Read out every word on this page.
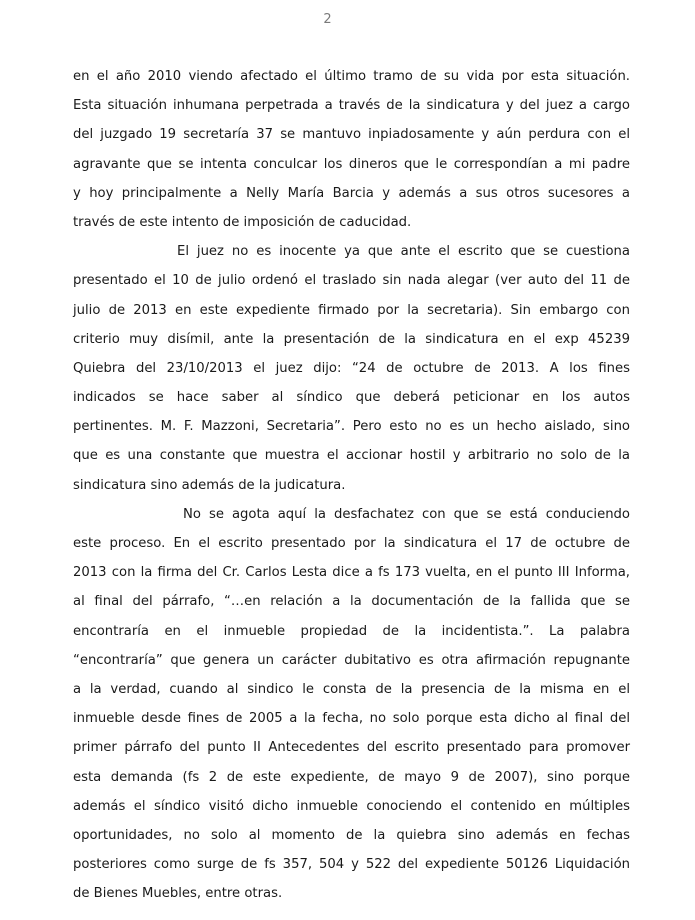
2
en el año 2010 viendo afectado el último tramo de su vida por esta situación.
Esta situación inhumana perpetrada a través de la sindicatura y del juez a cargo
del juzgado 19 secretaría 37 se mantuvo inpiadosamente y aún perdura con el
agravante que se intenta conculcar los dineros que le correspondían a mi padre
y hoy principalmente a Nelly María Barcia y además a sus otros sucesores a
través de este intento de imposición de caducidad.
El juez no es inocente ya que ante el escrito que se cuestiona
presentado el 10 de julio ordenó el traslado sin nada alegar (ver auto del 11 de
julio de 2013 en este expediente firmado por la secretaria). Sin embargo con
criterio muy disímil, ante la presentación de la sindicatura en el exp 45239
Quiebra del 23/10/2013 el juez dijo: “24 de octubre de 2013. A los fines
indicados se hace saber al síndico que deberá peticionar en los autos
pertinentes. M. F. Mazzoni, Secretaria”. Pero esto no es un hecho aislado, sino
que es una constante que muestra el accionar hostil y arbitrario no solo de la
sindicatura sino además de la judicatura.
No se agota aquí la desfachatez con que se está conduciendo
este proceso. En el escrito presentado por la sindicatura el 17 de octubre de
2013 con la firma del Cr. Carlos Lesta dice a fs 173 vuelta, en el punto III Informa,
al final del párrafo, “…en relación a la documentación de la fallida que se
encontraría en el inmueble propiedad de la incidentista.”. La palabra
“encontraría” que genera un carácter dubitativo es otra afirmación repugnante
a la verdad, cuando al sindico le consta de la presencia de la misma en el
inmueble desde fines de 2005 a la fecha, no solo porque esta dicho al final del
primer párrafo del punto II Antecedentes del escrito presentado para promover
esta demanda (fs 2 de este expediente, de mayo 9 de 2007), sino porque
además el síndico visitó dicho inmueble conociendo el contenido en múltiples
oportunidades, no solo al momento de la quiebra sino además en fechas
posteriores como surge de fs 357, 504 y 522 del expediente 50126 Liquidación
de Bienes Muebles, entre otras.
